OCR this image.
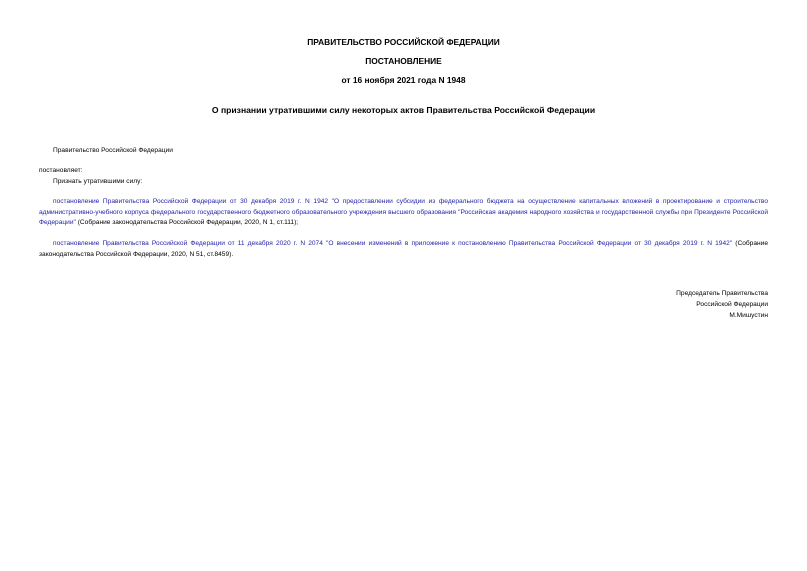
ПРАВИТЕЛЬСТВО РОССИЙСКОЙ ФЕДЕРАЦИИ
ПОСТАНОВЛЕНИЕ
от 16 ноября 2021 года N 1948
О признании утратившими силу некоторых актов Правительства Российской Федерации
Правительство Российской Федерации
постановляет:
Признать утратившими силу:
постановление Правительства Российской Федерации от 30 декабря 2019 г. N 1942 "О предоставлении субсидии из федерального бюджета на осуществление капитальных вложений в проектирование и строительство административно-учебного корпуса федерального государственного бюджетного образовательного учреждения высшего образования "Российская академия народного хозяйства и государственной службы при Президенте Российской Федерации" (Собрание законодательства Российской Федерации, 2020, N 1, ст.111);
постановление Правительства Российской Федерации от 11 декабря 2020 г. N 2074 "О внесении изменений в приложение к постановлению Правительства Российской Федерации от 30 декабря 2019 г. N 1942" (Собрание законодательства Российской Федерации, 2020, N 51, ст.8459).
Председатель Правительства
Российской Федерации
М.Мишустин
